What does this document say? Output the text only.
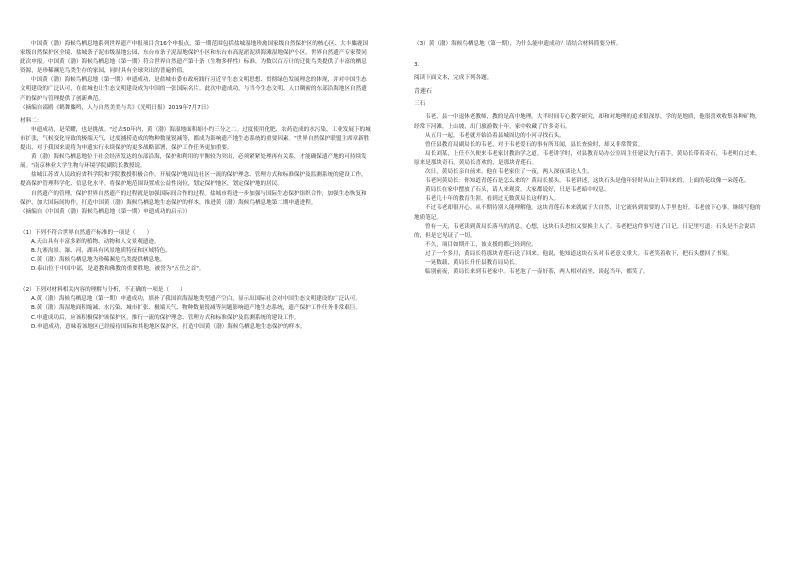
中国黄（渤）海候鸟栖息地系列世界遗产申报项目含16个申报点，第一期范围包括盐城湿地珍禽国家级自然保护区的核心区、大丰麋鹿国家级自然保护区全境、盐城条子泥市级湿地公园、东台市条子泥湿地保护小区和东台市高泥淤泥质海滩湿地保护小区。世界自然遗产专家赞同此次申报。中国黄（渤）海候鸟栖息地（第一期）符合世界自然遗产第十条（生物多样性）标准，为数以百万计的迁徙鸟类提供了丰富的栖息资源，是珍稀濒危鸟类生存的家园，同时具有全球突出的普遍价值。

中国黄（渤）海候鸟栖息地（第一期）申遗成功，是盐城市委市政府践行习近平生态文明思想、贯彻绿色发展理念的体现，并对中国生态文明建设的广泛认可，在盐城也让生态文明建设成为中国的一张国际名片。此次申遗成功，与当今生态文明、人口稠密的东部沿海地区自然遗产的保护与管理提供了创新典范。

（摘编自邵鸥《鹤舞麋鸣，人与自然美美与共》《光明日报》2019年7月7日）

材料二：

申遗成功，是荣耀，也是挑战。"过去50年内，黄（渤）海湿地面积缩小约三分之二。过度使用化肥、农药造成的水污染、工业发展下的城市扩张，气候变化导致的极端天气，过度捕捞造成的物种数量锐减等，都成为影响遗产地生态系统的重要因素。"世界自然保护联盟主席章新胜提出，对于我国来说将为申遗实行永续保护的更多战略部署，保护工作任务更加重要。

黄（渤）海候鸟栖息地位于社会经济发达的东部沿海，保护和利用的平衡较为突出，必须紧紧处理再有关系，才能确保遗产地的可持续发展。"南京林业大学生物与环境学院副院长教授说。

盐城江苏省人民政府省科学院和学院教授积极合作，开展保护地周边社区一流的保护理念、管理方式和标准保护及监测系统的建设工作，提高保护管理科学化、信息化水平。将保护地范围设置成公益性岗位，划定保护地区，划定保护地的居民。

自然遗产的管理，保护世界自然遗产的过程就是加强国际间合作的过程。盐城市将进一步加强与国际生态保护组织合作，加强生态恢复和保护，加大国际间协作，打造中国黄（渤）海候鸟栖息地生态保护的样本，推进黄（渤）海候鸟栖息地第二期申遗进程。

（摘编自《中国黄（渤）海候鸟栖息地（第一期）申遗成功的启示》）

（1）下列不符合世界自然遗产标准的一项是（　　）

A.天山具有丰富多彩的植物、动物和人文景观遗迹。

B.九寨沟景、瀑、河、湖具有风景地质特征和区域特色。

C.黄（渤）海候鸟栖息地为珍稀濒危鸟类提供栖息地。

D.泰山位于中国中部，是道教和佛教的重要胜地，被誉为"五岳之首"。

（2）下列对材料相关内容的理解与分析，不正确的一项是（　　）

A.黄（渤）海候鸟栖息地（第一期）申遗成功，填补了我国滨海湿地类型遗产空白，显示出国际社会对中国生态文明建设的广泛认可。

B.黄（渤）海湿地面积缩减、水污染、城市扩张、极端天气、物种数量锐减等问题影响遗产地生态系统，遗产保护工作任务非常艰巨。

C.申遗成功后，应该积极保护该保护区，推行一流的保护理念、管理方式和标准保护及监测系统的建设工作。

D.申遗成功，意味着该地区已经接待国际和其他地区保护区，打造中国黄（渤）海候鸟栖息地生态保护的样本。

（3）黄（渤）海候鸟栖息地（第一期），为什么能申遗成功？请结合材料简要分析。

3.

阅读下面文本，完成下列各题。

青莲石

三石

韦老，县一中退休老教师，教的是高中地理。大半时间专心教学研究，却和对地理的追求很深厚，学的是地质，他很喜欢收集各种矿物，经常下河滩，上山坡，出门旅游数十年，家中收藏了许多奇石。

从五月一起，韦老就开始沿着县城周边的小河寻找石头。

曾任县教育局副局长的韦老，对于韦老爱石的事有所耳闻，县长查验时，却又非常赞赏。

局长刘某，上任不久便来韦老家讨教治学之道。韦老讲学时，对县教育局办公室周主任建议先行着手，黄局长带着奇石，韦老明白过来，原来是那块奇石，黄局长喜欢的，是那块青莲石。

次日，黄局长亲自前来。他在韦老家住了一夜，两人深夜谈论人生。

韦老问黄局长：你知道青莲石是怎么来的？黄局长摇头。韦老讲述，这块石头是他年轻时从山上带回来的，上面的花纹像一朵莲花。

黄局长在家中摆放了石头，请人来观赏，大家都说好，只是韦老暗中叹息。

韦老几十年的教育生涯，看到过无数黄局长这样的人。

不过韦老却很开心。从不期待别人能理解他。这块青莲石本来就属于大自然，让它流转到需要的人手里也好。韦老放下心事，继续写他的地质笔记。

曾有一天，韦老读到黄局长落马的消息，心想，这块石头恐怕又要换主人了。韦老把这件事写进了日记。日记里写道：石头是不会说话的，但是它见证了一切。

不久，项目如期开工，该支援的都已经到位。

过了一个多月，黄局长将那块青莲石送了回来。他说，他知道这块石头对韦老意义重大。韦老笑着收下，把石头摆回了书架。

一晃数载，黄局长升任县教育局局长。

临别前夜，黄局长来到韦老家中。韦老泡了一壶好茶，两人相对而坐，谈起当年，都笑了。
